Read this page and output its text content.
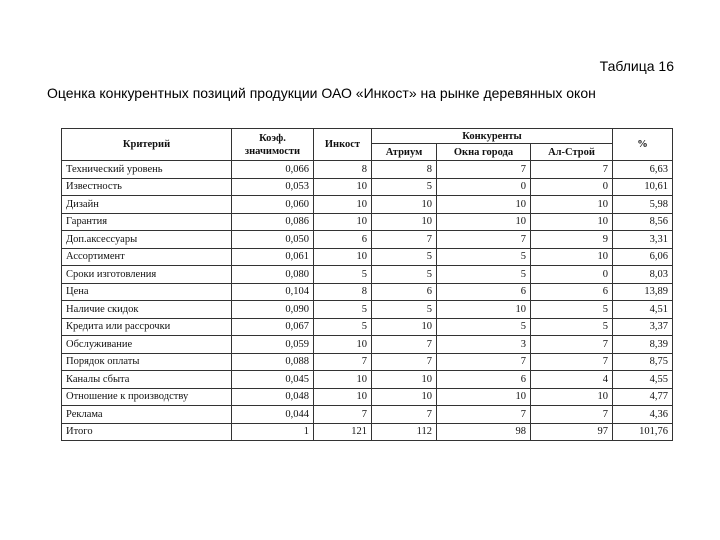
Таблица 16
Оценка конкурентных позиций продукции ОАО «Инкост» на рынке деревянных окон
Критерий	Коэф. значимости	Инкост	Конкуренты			%
			Атриум	Окна города	Ал-Строй	
Технический уровень	0,066	8	8	7	7	6,63
Известность	0,053	10	5	0	0	10,61
Дизайн	0,060	10	10	10	10	5,98
Гарантия	0,086	10	10	10	10	8,56
Доп.аксессуары	0,050	6	7	7	9	3,31
Ассортимент	0,061	10	5	5	10	6,06
Сроки изготовления	0,080	5	5	5	0	8,03
Цена	0,104	8	6	6	6	13,89
Наличие скидок	0,090	5	5	10	5	4,51
Кредита или рассрочки	0,067	5	10	5	5	3,37
Обслуживание	0,059	10	7	3	7	8,39
Порядок оплаты	0,088	7	7	7	7	8,75
Каналы сбыта	0,045	10	10	6	4	4,55
Отношение к производству	0,048	10	10	10	10	4,77
Реклама	0,044	7	7	7	7	4,36
Итого	1	121	112	98	97	101,76
